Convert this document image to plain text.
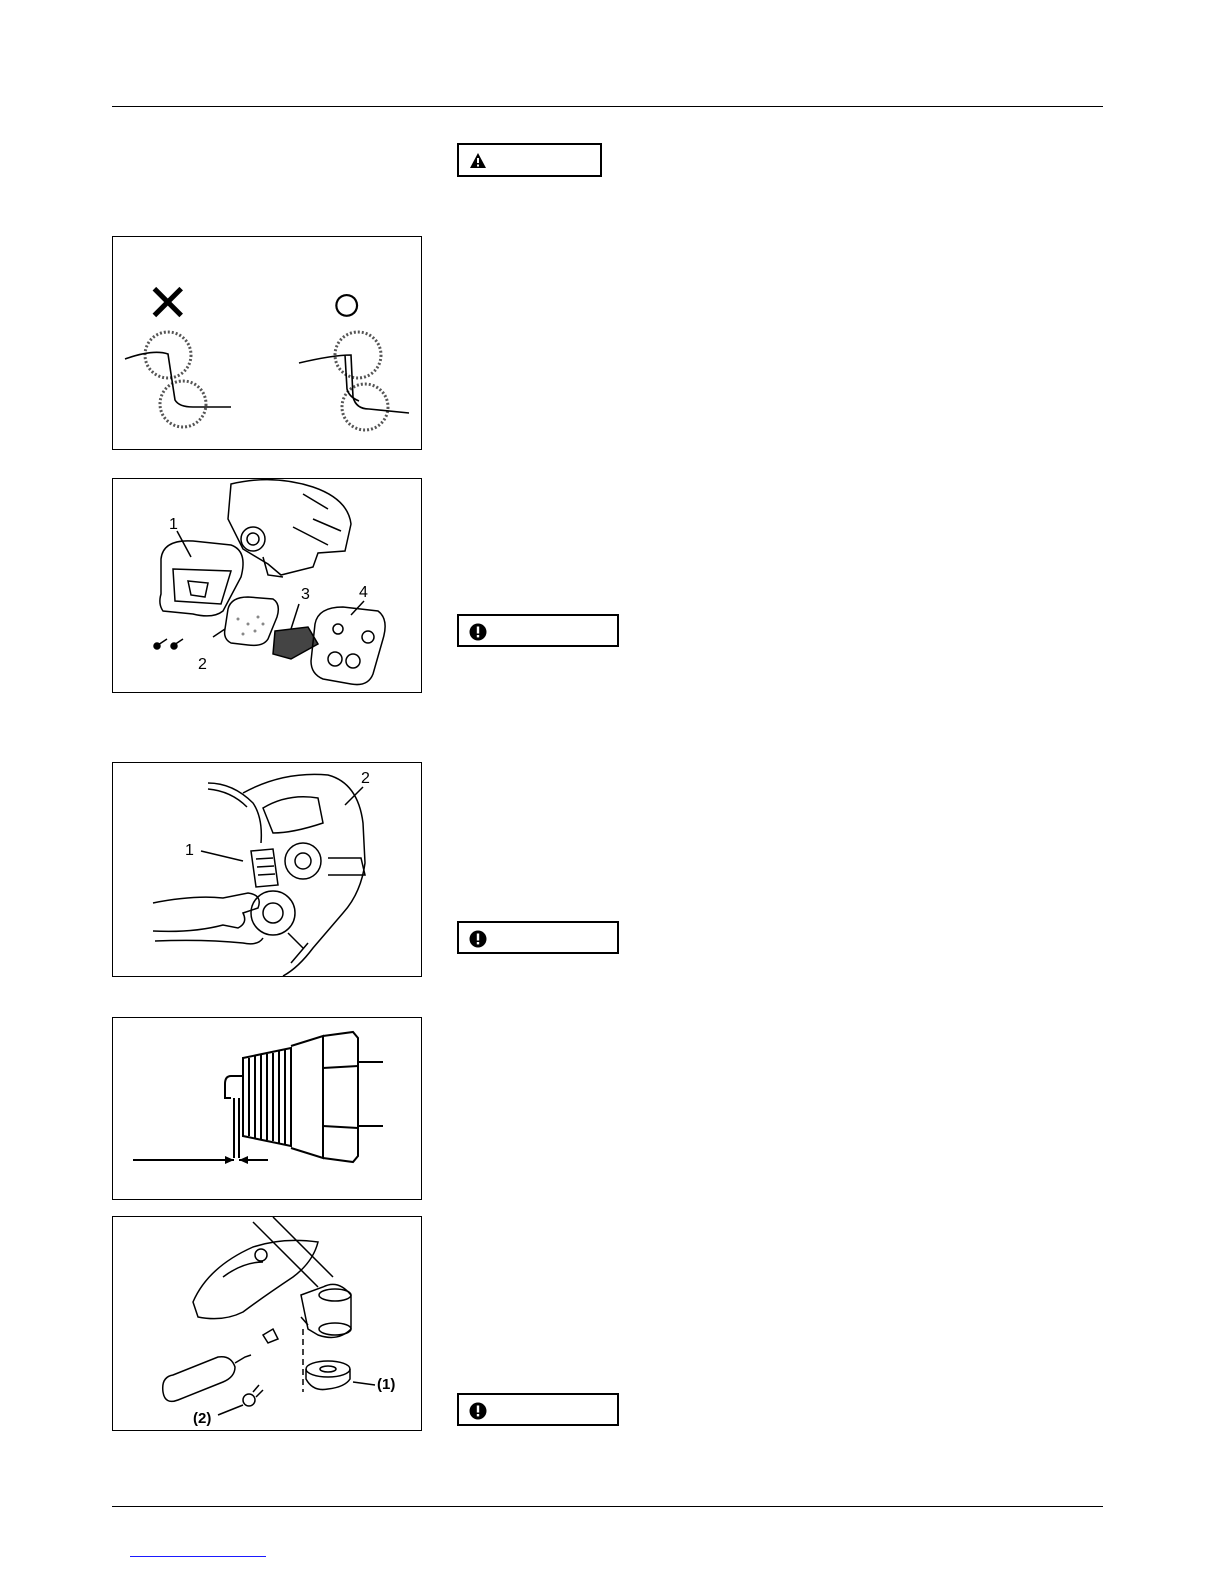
✕	○
1
2
3	4
1
2
(1)
(2)
